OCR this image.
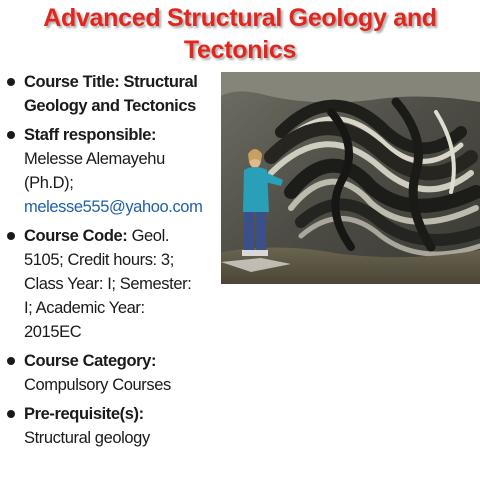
Advanced Structural Geology and
Tectonics
Course Title: Structural
Geology and Tectonics
Staff responsible:
Melesse Alemayehu
(Ph.D);
melesse555@yahoo.com
Course Code: Geol.
5105; Credit hours: 3;
Class Year: I; Semester:
I; Academic Year:
2015EC
Course Category:
Compulsory Courses
Pre-requisite(s):
Structural geology
